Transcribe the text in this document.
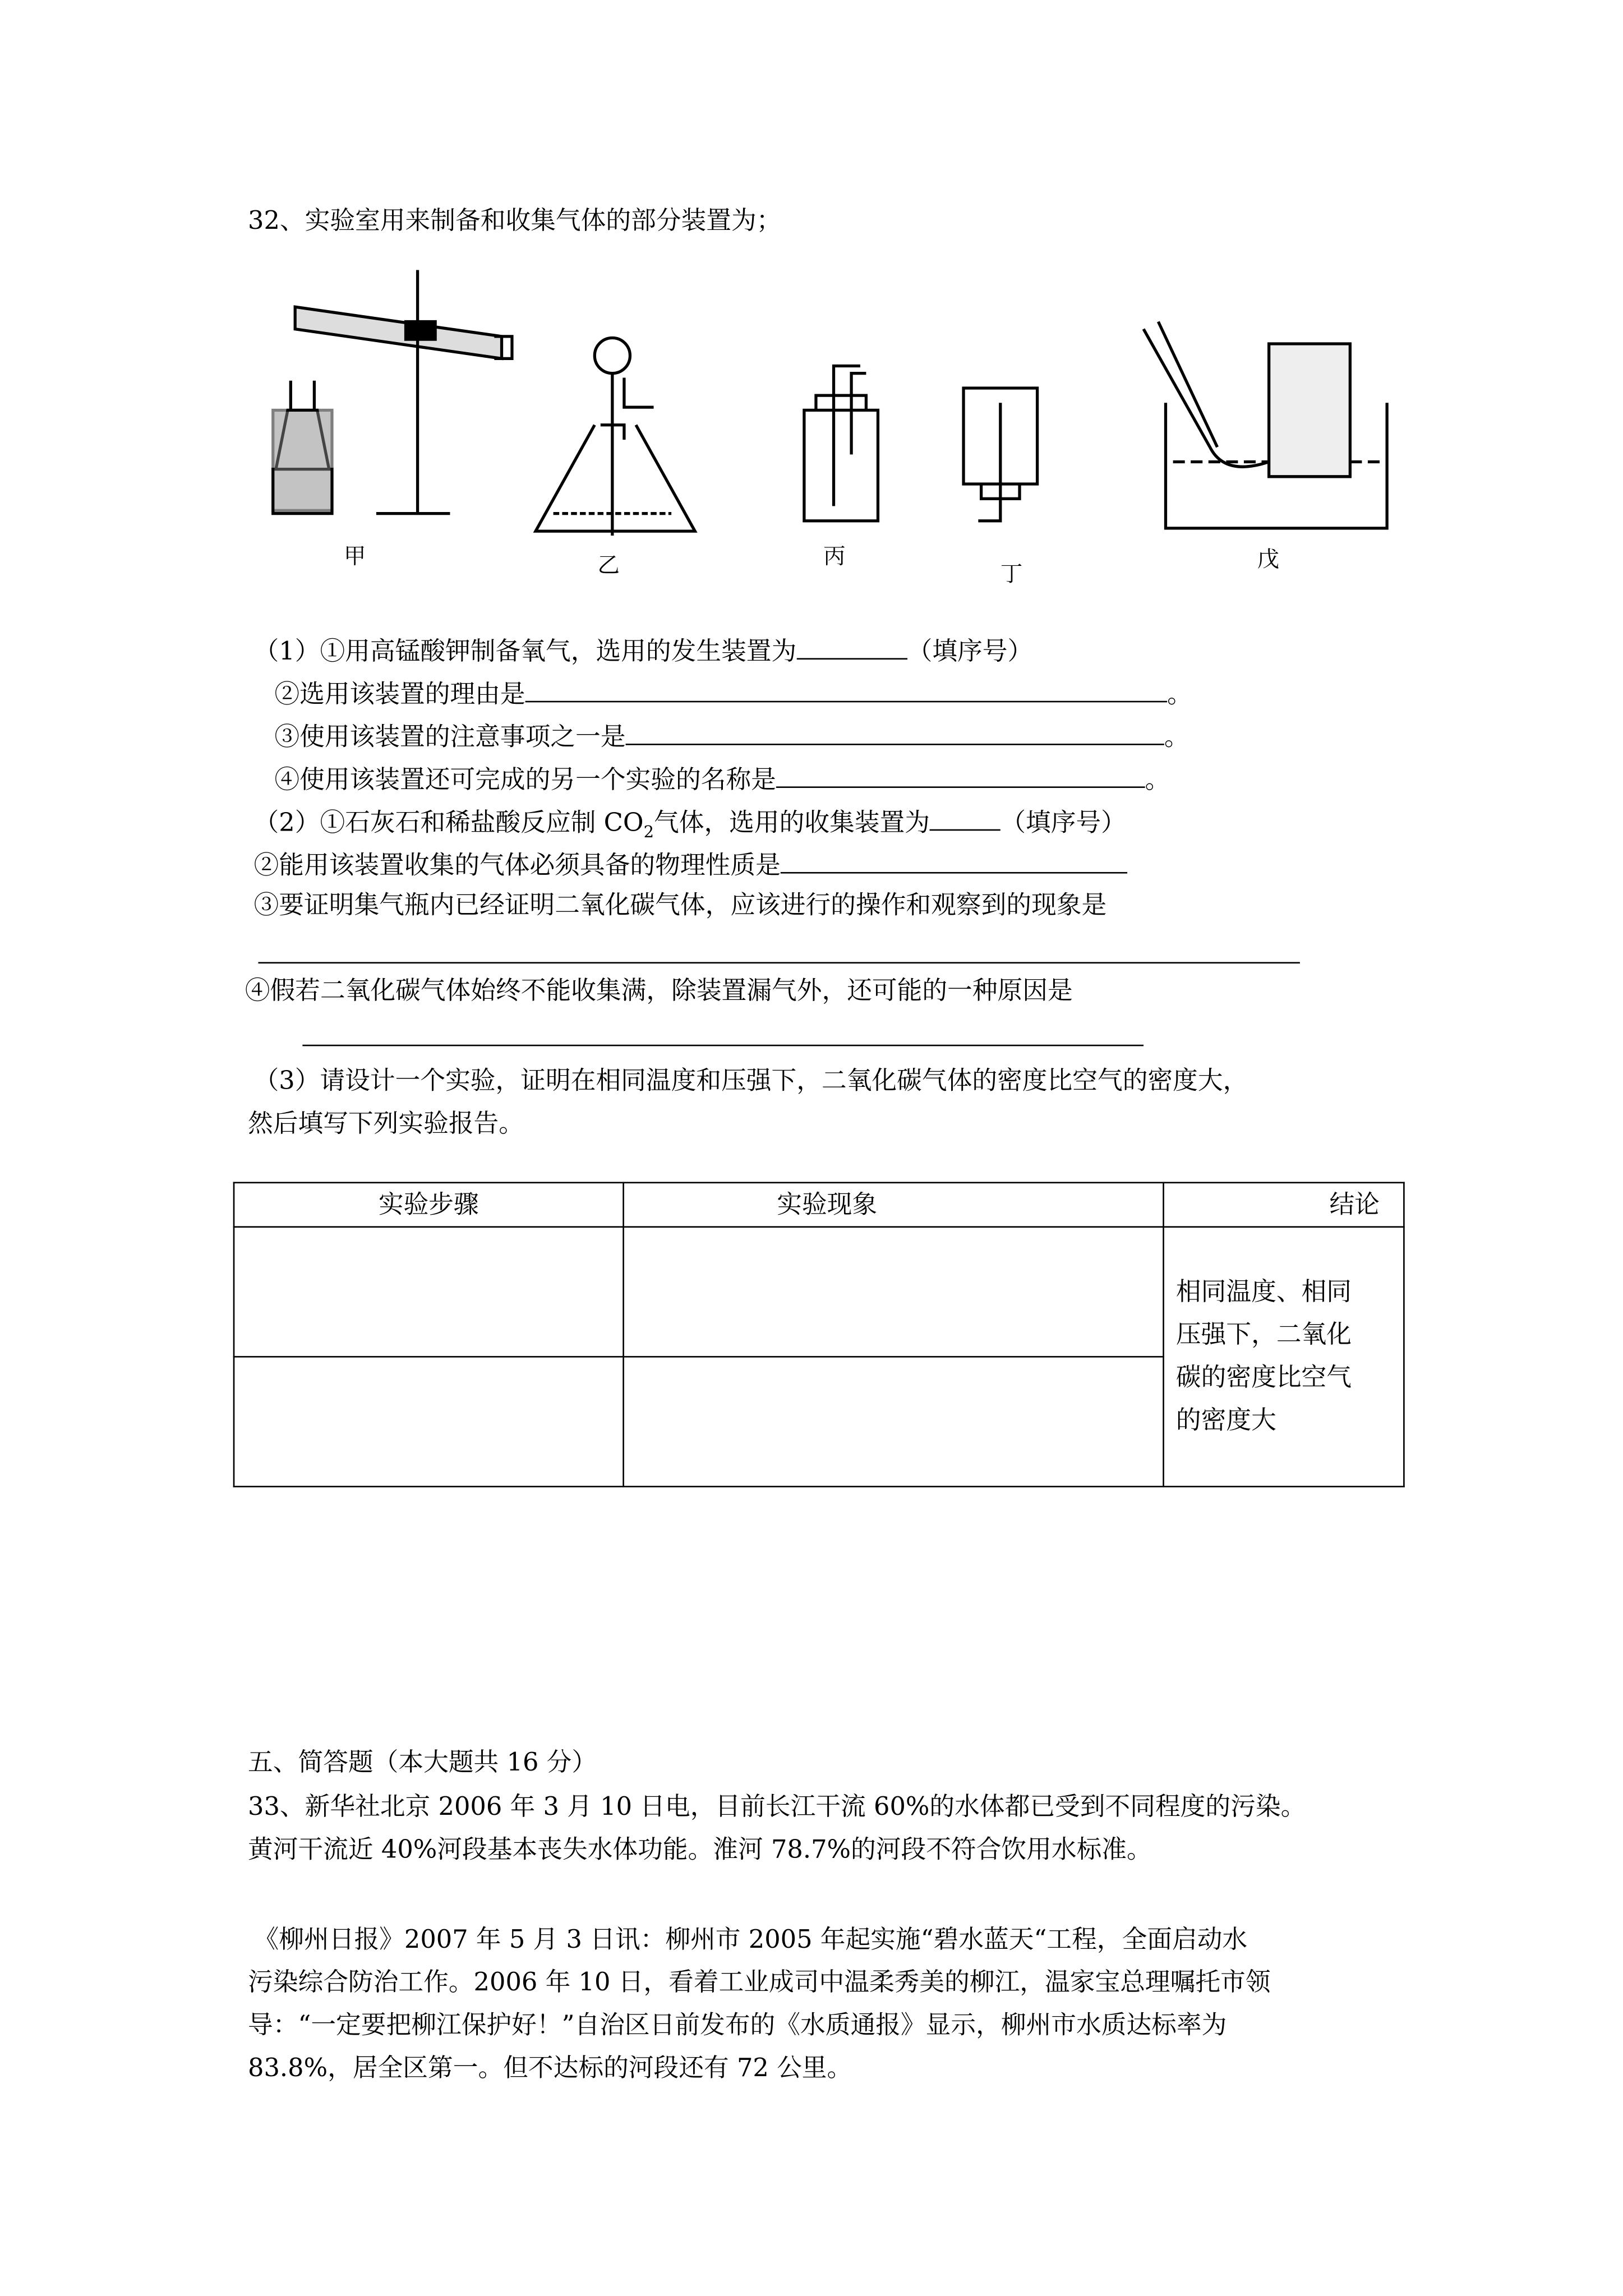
32、实验室用来制备和收集气体的部分装置为；
甲	乙	丙
丁
戊
（1）①用高锰酸钾制备氧气，选用的发生装置为	（填序号）
②选用该装置的理由是	。
③使用该装置的注意事项之一是	。
④使用该装置还可完成的另一个实验的名称是	。
（2）①石灰石和稀盐酸反应制 $CO_2$气体，选用的收集装置为	（填序号）
②能用该装置收集的气体必须具备的物理性质是
③要证明集气瓶内已经证明二氧化碳气体，应该进行的操作和观察到的现象是
④假若二氧化碳气体始终不能收集满，除装置漏气外，还可能的一种原因是
（3）请设计一个实验，证明在相同温度和压强下，二氧化碳气体的密度比空气的密度大，
然后填写下列实验报告。
实验步骤	实验现象	结论

		相同温度、相同
压强下，二氧化
碳的密度比空气
的密度大

五、简答题（本大题共 16 分）
33、新华社北京 2006 年 3 月 10 日电，目前长江干流 60%的水体都已受到不同程度的污染。
黄河干流近 40%河段基本丧失水体功能。淮河 78.7%的河段不符合饮用水标准。
《柳州日报》2007 年 5 月 3 日讯：柳州市 2005 年起实施“碧水蓝天“工程，全面启动水
污染综合防治工作。2006 年 10 日，看着工业成司中温柔秀美的柳江，温家宝总理嘱托市领
导：“一定要把柳江保护好！”自治区日前发布的《水质通报》显示，柳州市水质达标率为
83.8%，居全区第一。但不达标的河段还有 72 公里。
